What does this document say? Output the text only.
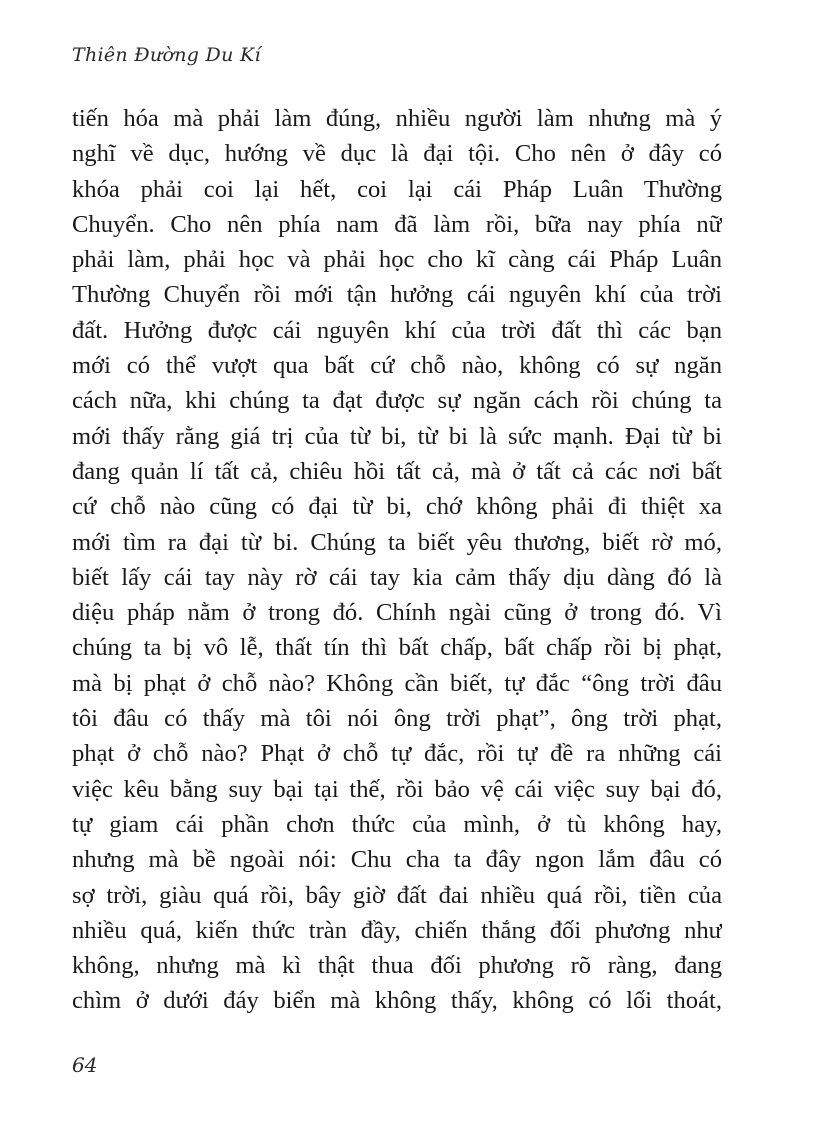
Thiên Đường Du Kí
tiến hóa mà phải làm đúng, nhiều người làm nhưng mà ý
nghĩ về dục, hướng về dục là đại tội. Cho nên ở đây có
khóa phải coi lại hết, coi lại cái Pháp Luân Thường
Chuyển. Cho nên phía nam đã làm rồi, bữa nay phía nữ
phải làm, phải học và phải học cho kĩ càng cái Pháp Luân
Thường Chuyển rồi mới tận hưởng cái nguyên khí của trời
đất. Hưởng được cái nguyên khí của trời đất thì các bạn
mới có thể vượt qua bất cứ chỗ nào, không có sự ngăn
cách nữa, khi chúng ta đạt được sự ngăn cách rồi chúng ta
mới thấy rằng giá trị của từ bi, từ bi là sức mạnh. Đại từ bi
đang quản lí tất cả, chiêu hồi tất cả, mà ở tất cả các nơi bất
cứ chỗ nào cũng có đại từ bi, chớ không phải đi thiệt xa
mới tìm ra đại từ bi. Chúng ta biết yêu thương, biết rờ mó,
biết lấy cái tay này rờ cái tay kia cảm thấy dịu dàng đó là
diệu pháp nằm ở trong đó. Chính ngài cũng ở trong đó. Vì
chúng ta bị vô lễ, thất tín thì bất chấp, bất chấp rồi bị phạt,
mà bị phạt ở chỗ nào? Không cần biết, tự đắc “ông trời đâu
tôi đâu có thấy mà tôi nói ông trời phạt”, ông trời phạt,
phạt ở chỗ nào? Phạt ở chỗ tự đắc, rồi tự đề ra những cái
việc kêu bằng suy bại tại thế, rồi bảo vệ cái việc suy bại đó,
tự giam cái phần chơn thức của mình, ở tù không hay,
nhưng mà bề ngoài nói: Chu cha ta đây ngon lắm đâu có
sợ trời, giàu quá rồi, bây giờ đất đai nhiều quá rồi, tiền của
nhiều quá, kiến thức tràn đầy, chiến thắng đối phương như
không, nhưng mà kì thật thua đối phương rõ ràng, đang
chìm ở dưới đáy biển mà không thấy, không có lối thoát,
64
